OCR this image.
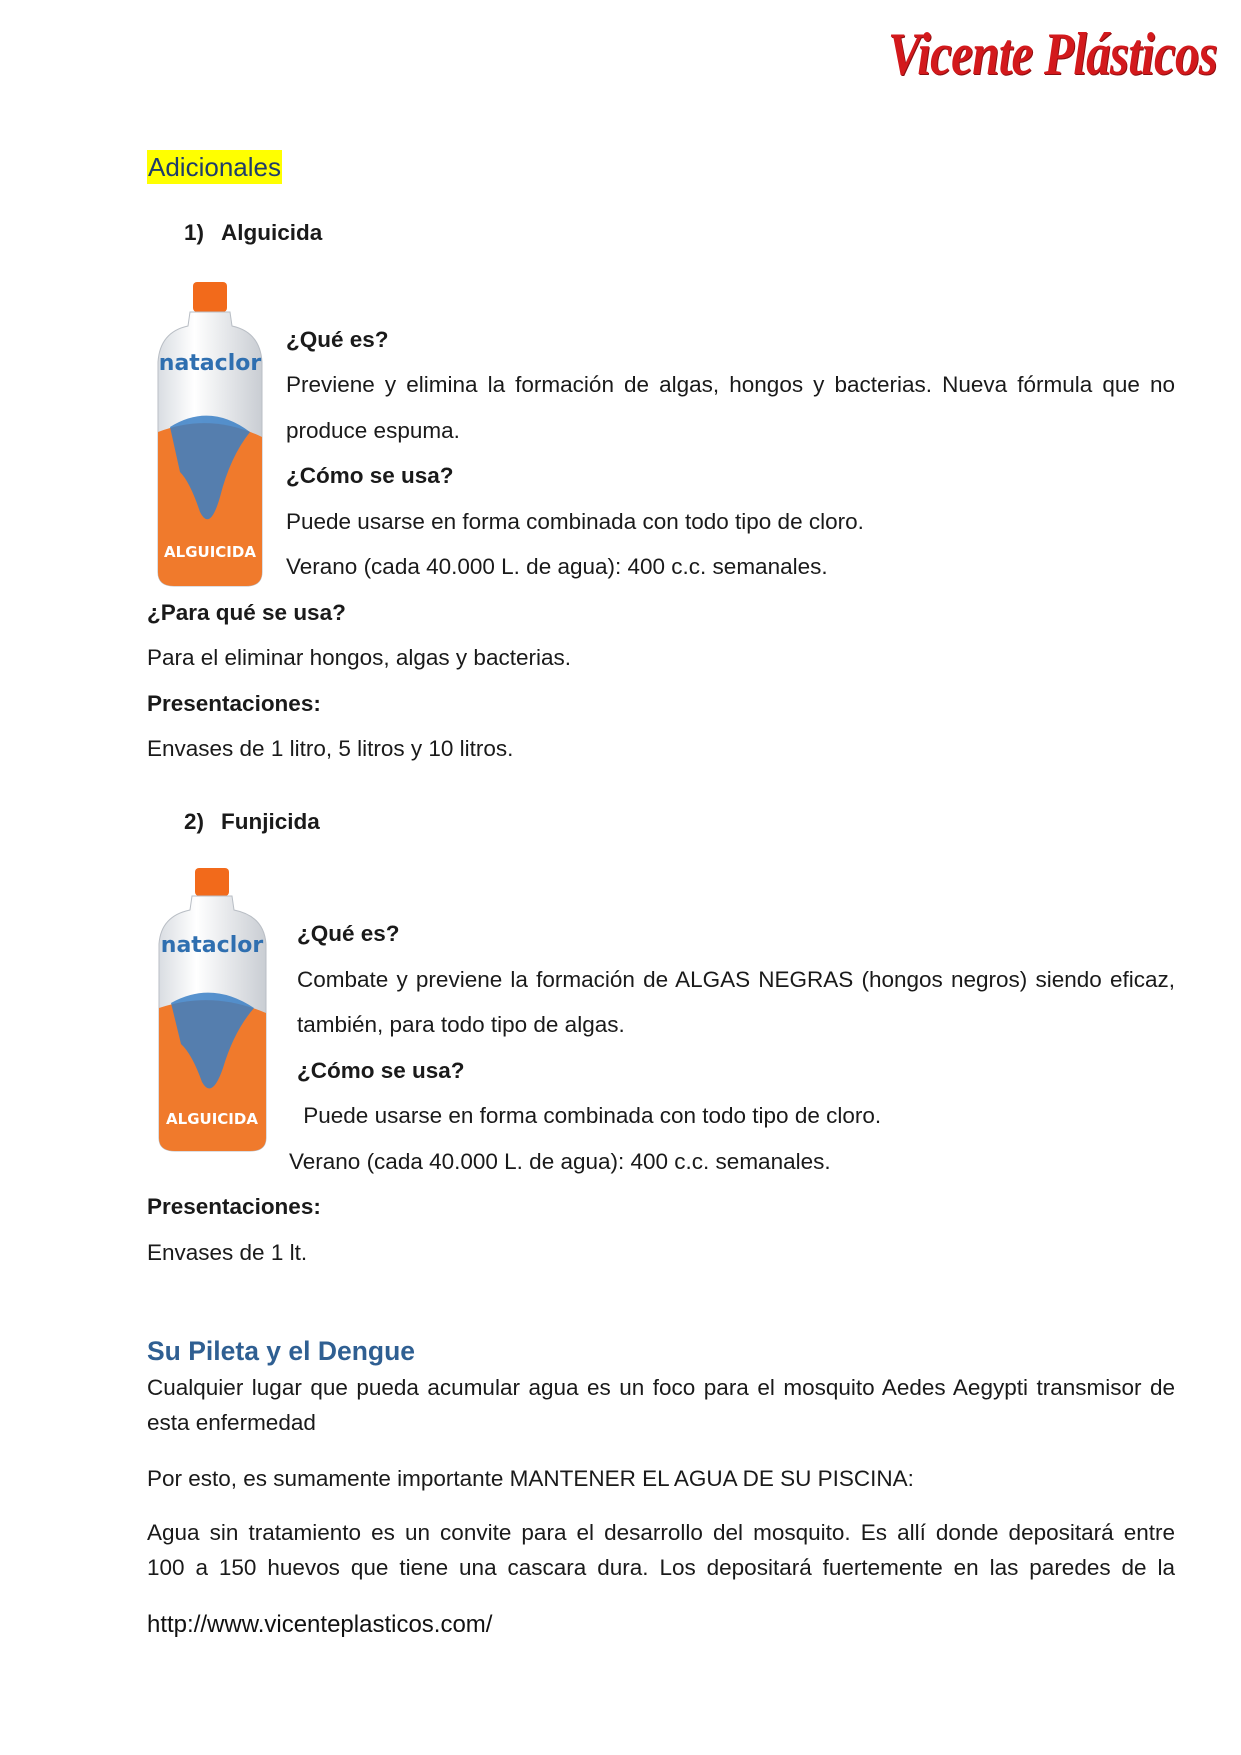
Vicente Plásticos
Adicionales
1) Alguicida
nataclor
ALGUICIDA
¿Qué es?
Previene y elimina la formación de algas, hongos y bacterias. Nueva fórmula que no
produce espuma.
¿Cómo se usa?
Puede usarse en forma combinada con todo tipo de cloro.
Verano (cada 40.000 L. de agua): 400 c.c. semanales.
¿Para qué se usa?
Para el eliminar hongos, algas y bacterias.
Presentaciones:
Envases de 1 litro, 5 litros y 10 litros.
2) Funjicida
nataclor
ALGUICIDA
¿Qué es?
Combate y previene la formación de ALGAS NEGRAS (hongos negros) siendo eficaz,
también, para todo tipo de algas.
¿Cómo se usa?
Puede usarse en forma combinada con todo tipo de cloro.
Verano (cada 40.000 L. de agua): 400 c.c. semanales.
Presentaciones:
Envases de 1 lt.
Su Pileta y el Dengue
Cualquier lugar que pueda acumular agua es un foco para el mosquito Aedes Aegypti transmisor de
esta enfermedad
Por esto, es sumamente importante MANTENER EL AGUA DE SU PISCINA:
Agua sin tratamiento es un convite para el desarrollo del mosquito. Es allí donde depositará entre
100 a 150 huevos que tiene una cascara dura. Los depositará fuertemente en las paredes de la
http://www.vicenteplasticos.com/
